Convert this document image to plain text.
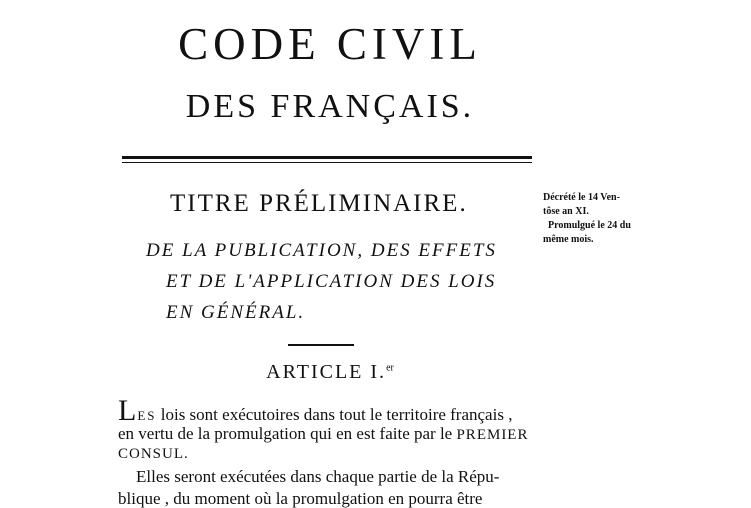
CODE CIVIL
DES FRANÇAIS.
TITRE PRÉLIMINAIRE.
DE LA PUBLICATION, DES EFFETS
ET DE L'APPLICATION DES LOIS
EN GÉNÉRAL.
Décrété le 14 Ven-
tôse an XI.
Promulgué le 24 du
même mois.
ARTICLE I.$^{er}$
LES lois sont exécutoires dans tout le territoire français ,
en vertu de la promulgation qui en est faite par le PREMIER
CONSUL.
Elles seront exécutées dans chaque partie de la Répu-
blique , du moment où la promulgation en pourra être
